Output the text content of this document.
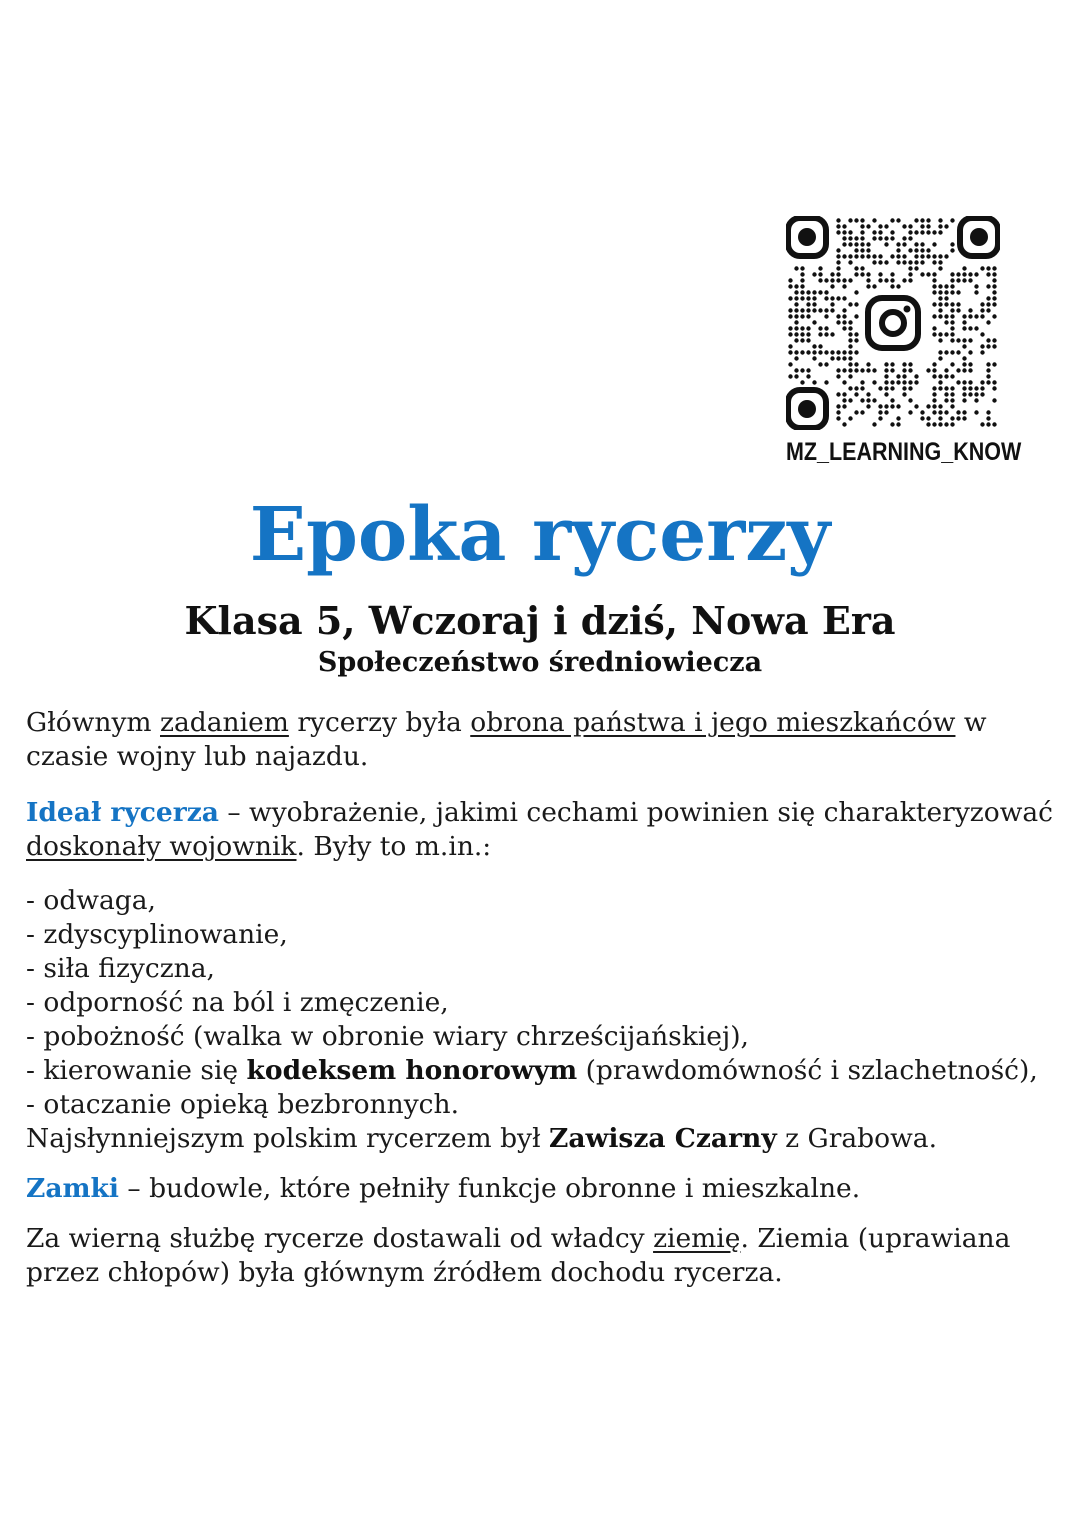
MZ_LEARNING_KNOW
Epoka rycerzy
Klasa 5, Wczoraj i dziś, Nowa Era
Społeczeństwo średniowiecza

Głównym zadaniem rycerzy była obrona państwa i jego mieszkańców w czasie wojny lub najazdu.

Ideał rycerza – wyobrażenie, jakimi cechami powinien się charakteryzować doskonały wojownik. Były to m.in.:

- odwaga,
- zdyscyplinowanie,
- siła fizyczna,
- odporność na ból i zmęczenie,
- pobożność (walka w obronie wiary chrześcijańskiej),
- kierowanie się kodeksem honorowym (prawdomówność i szlachetność),
- otaczanie opieką bezbronnych.

Najsłynniejszym polskim rycerzem był Zawisza Czarny z Grabowa.

Zamki – budowle, które pełniły funkcje obronne i mieszkalne.

Za wierną służbę rycerze dostawali od władcy ziemię. Ziemia (uprawiana przez chłopów) była głównym źródłem dochodu rycerza.
